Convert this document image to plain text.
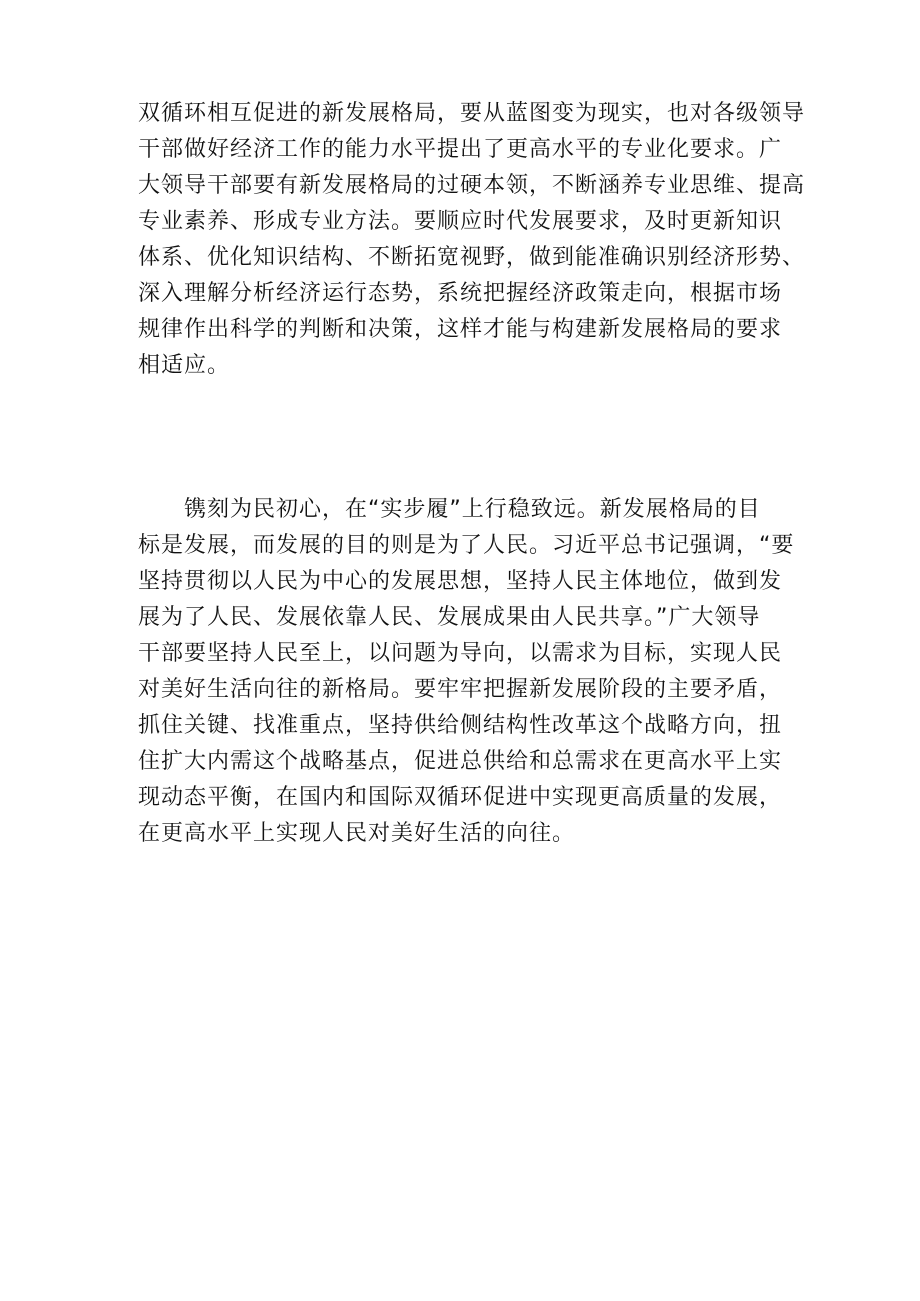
双循环相互促进的新发展格局，要从蓝图变为现实，也对各级领导
干部做好经济工作的能力水平提出了更高水平的专业化要求。广
大领导干部要有新发展格局的过硬本领，不断涵养专业思维、提高
专业素养、形成专业方法。要顺应时代发展要求，及时更新知识
体系、优化知识结构、不断拓宽视野，做到能准确识别经济形势、
深入理解分析经济运行态势，系统把握经济政策走向，根据市场
规律作出科学的判断和决策，这样才能与构建新发展格局的要求
相适应。
　　镌刻为民初心，在“实步履”上行稳致远。新发展格局的目
标是发展，而发展的目的则是为了人民。习近平总书记强调，“要
坚持贯彻以人民为中心的发展思想，坚持人民主体地位，做到发
展为了人民、发展依靠人民、发展成果由人民共享。”广大领导
干部要坚持人民至上，以问题为导向，以需求为目标，实现人民
对美好生活向往的新格局。要牢牢把握新发展阶段的主要矛盾，
抓住关键、找准重点，坚持供给侧结构性改革这个战略方向，扭
住扩大内需这个战略基点，促进总供给和总需求在更高水平上实
现动态平衡，在国内和国际双循环促进中实现更高质量的发展，
在更高水平上实现人民对美好生活的向往。
